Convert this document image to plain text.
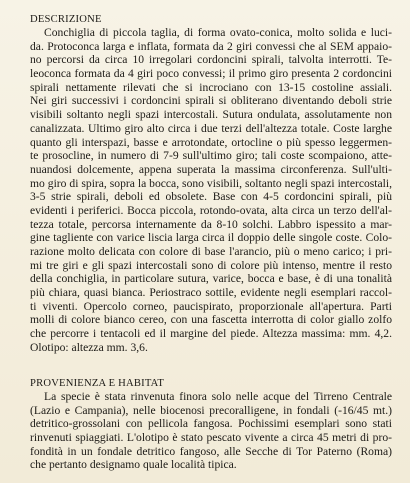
DESCRIZIONE
Conchiglia di piccola taglia, di forma ovato-conica, molto solida e luci-
da. Protoconca larga e inflata, formata da 2 giri convessi che al SEM appaio-
no percorsi da circa 10 irregolari cordoncini spirali, talvolta interrotti. Te-
leoconca formata da 4 giri poco convessi; il primo giro presenta 2 cordoncini
spirali nettamente rilevati che si incrociano con 13-15 costoline assiali.
Nei giri successivi i cordoncini spirali si obliterano diventando deboli strie
visibili soltanto negli spazi intercostali. Sutura ondulata, assolutamente non
canalizzata. Ultimo giro alto circa i due terzi dell'altezza totale. Coste larghe
quanto gli interspazi, basse e arrotondate, ortocline o più spesso leggermen-
te prosocline, in numero di 7-9 sull'ultimo giro; tali coste scompaiono, atte-
nuandosi dolcemente, appena superata la massima circonferenza. Sull'ulti-
mo giro di spira, sopra la bocca, sono visibili, soltanto negli spazi intercostali,
3-5 strie spirali, deboli ed obsolete. Base con 4-5 cordoncini spirali, più
evidenti i periferici. Bocca piccola, rotondo-ovata, alta circa un terzo dell'al-
tezza totale, percorsa internamente da 8-10 solchi. Labbro ispessito a mar-
gine tagliente con varice liscia larga circa il doppio delle singole coste. Colo-
razione molto delicata con colore di base l'arancio, più o meno carico; i pri-
mi tre giri e gli spazi intercostali sono di colore più intenso, mentre il resto
della conchiglia, in particolare sutura, varice, bocca e base, è di una tonalità
più chiara, quasi bianca. Periostraco sottile, evidente negli esemplari raccol-
ti viventi. Opercolo corneo, paucispirato, proporzionale all'apertura. Parti
molli di colore bianco cereo, con una fascetta interrotta di color giallo zolfo
che percorre i tentacoli ed il margine del piede. Altezza massima: mm. 4,2.
Olotipo: altezza mm. 3,6.
PROVENIENZA E HABITAT
La specie è stata rinvenuta finora solo nelle acque del Tirreno Centrale
(Lazio e Campania), nelle biocenosi precoralligene, in fondali (-16/45 mt.)
detritico-grossolani con pellicola fangosa. Pochissimi esemplari sono stati
rinvenuti spiaggiati. L'olotipo è stato pescato vivente a circa 45 metri di pro-
fondità in un fondale detritico fangoso, alle Secche di Tor Paterno (Roma)
che pertanto designamo quale località tipica.
